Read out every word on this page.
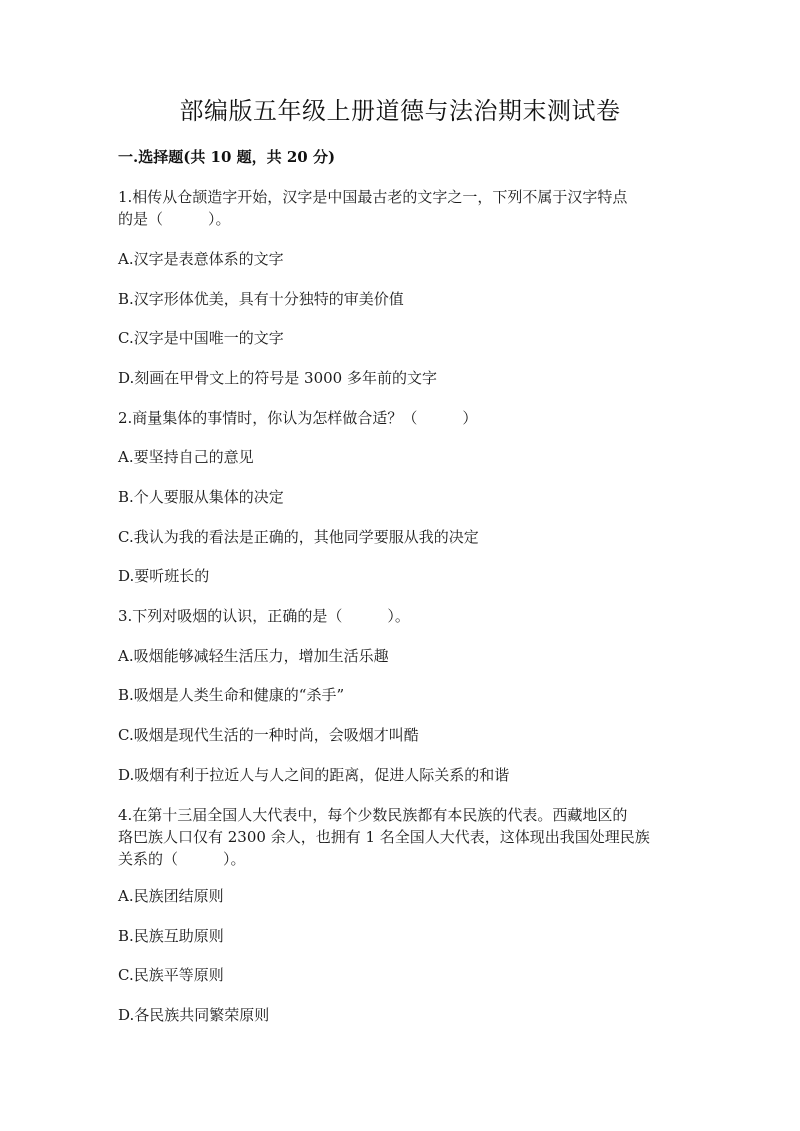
部编版五年级上册道德与法治期末测试卷
一.选择题(共 10 题，共 20 分)
1.相传从仓颉造字开始，汉字是中国最古老的文字之一，下列不属于汉字特点
的是（　　　）。
A.汉字是表意体系的文字
B.汉字形体优美，具有十分独特的审美价值
C.汉字是中国唯一的文字
D.刻画在甲骨文上的符号是 3000 多年前的文字
2.商量集体的事情时，你认为怎样做合适？（　　　）
A.要坚持自己的意见
B.个人要服从集体的决定
C.我认为我的看法是正确的，其他同学要服从我的决定
D.要听班长的
3.下列对吸烟的认识，正确的是（　　　）。
A.吸烟能够减轻生活压力，增加生活乐趣
B.吸烟是人类生命和健康的“杀手”
C.吸烟是现代生活的一种时尚，会吸烟才叫酷
D.吸烟有利于拉近人与人之间的距离，促进人际关系的和谐
4.在第十三届全国人大代表中，每个少数民族都有本民族的代表。西藏地区的
珞巴族人口仅有 2300 余人，也拥有 1 名全国人大代表，这体现出我国处理民族
关系的（　　　）。
A.民族团结原则
B.民族互助原则
C.民族平等原则
D.各民族共同繁荣原则
